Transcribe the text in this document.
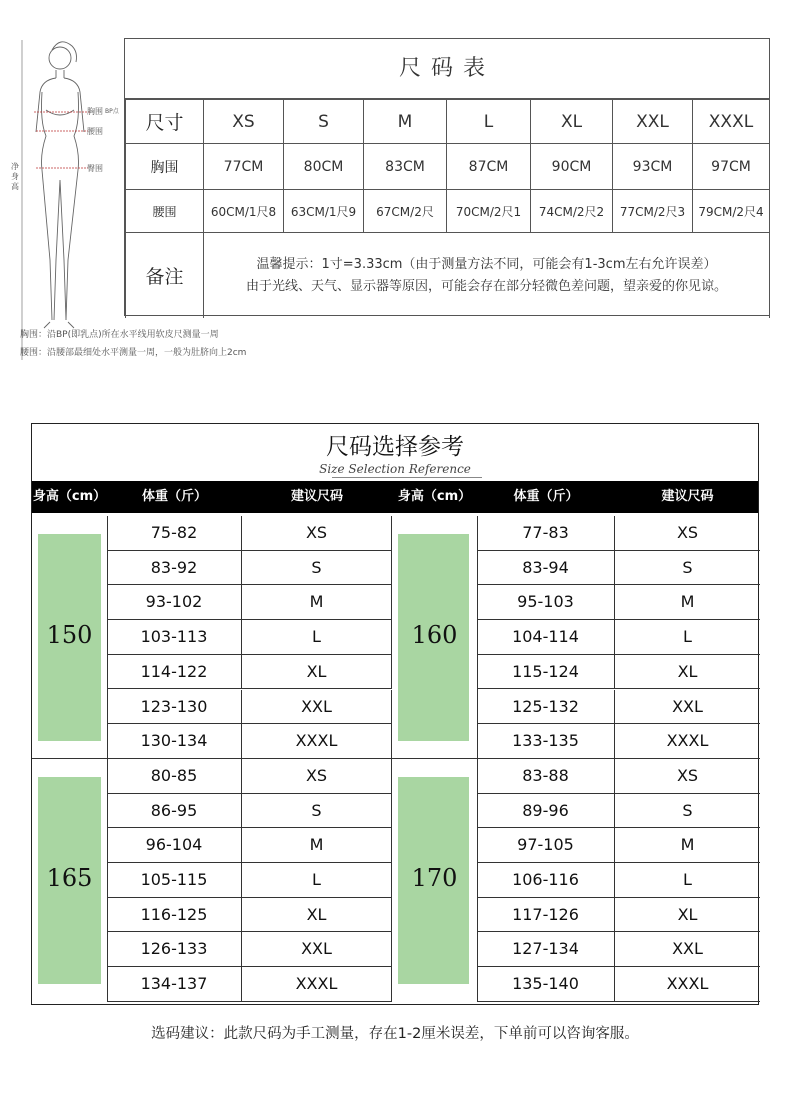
胸围 BP点
腰围
臀围
净身高
尺码表
尺寸	XS	S	M	L	XL	XXL	XXXL
胸围	77CM	80CM	83CM	87CM	90CM	93CM	97CM
腰围	60CM/1尺8	63CM/1尺9	67CM/2尺	70CM/2尺1	74CM/2尺2	77CM/2尺3	79CM/2尺4
备注	温馨提示：1寸=3.33cm（由于测量方法不同，可能会有1-3cm左右允许误差）
由于光线、天气、显示器等原因，可能会存在部分轻微色差问题，望亲爱的你见谅。						
胸围：沿BP(即乳点)所在水平线用软皮尺测量一周
腰围：沿腰部最细处水平测量一周，一般为肚脐向上2cm
尺码选择参考
Size Selection Reference
身高（cm）	体重（斤）	建议尺码	身高（cm）	体重（斤）	建议尺码
150
75-82	XS
83-92	S
93-102	M
103-113	L
114-122	XL
123-130	XXL
130-134	XXXL
160
77-83	XS
83-94	S
95-103	M
104-114	L
115-124	XL
125-132	XXL
133-135	XXXL
165
80-85	XS
86-95	S
96-104	M
105-115	L
116-125	XL
126-133	XXL
134-137	XXXL
170
83-88	XS
89-96	S
97-105	M
106-116	L
117-126	XL
127-134	XXL
135-140	XXXL
选码建议：此款尺码为手工测量，存在1-2厘米误差，下单前可以咨询客服。
